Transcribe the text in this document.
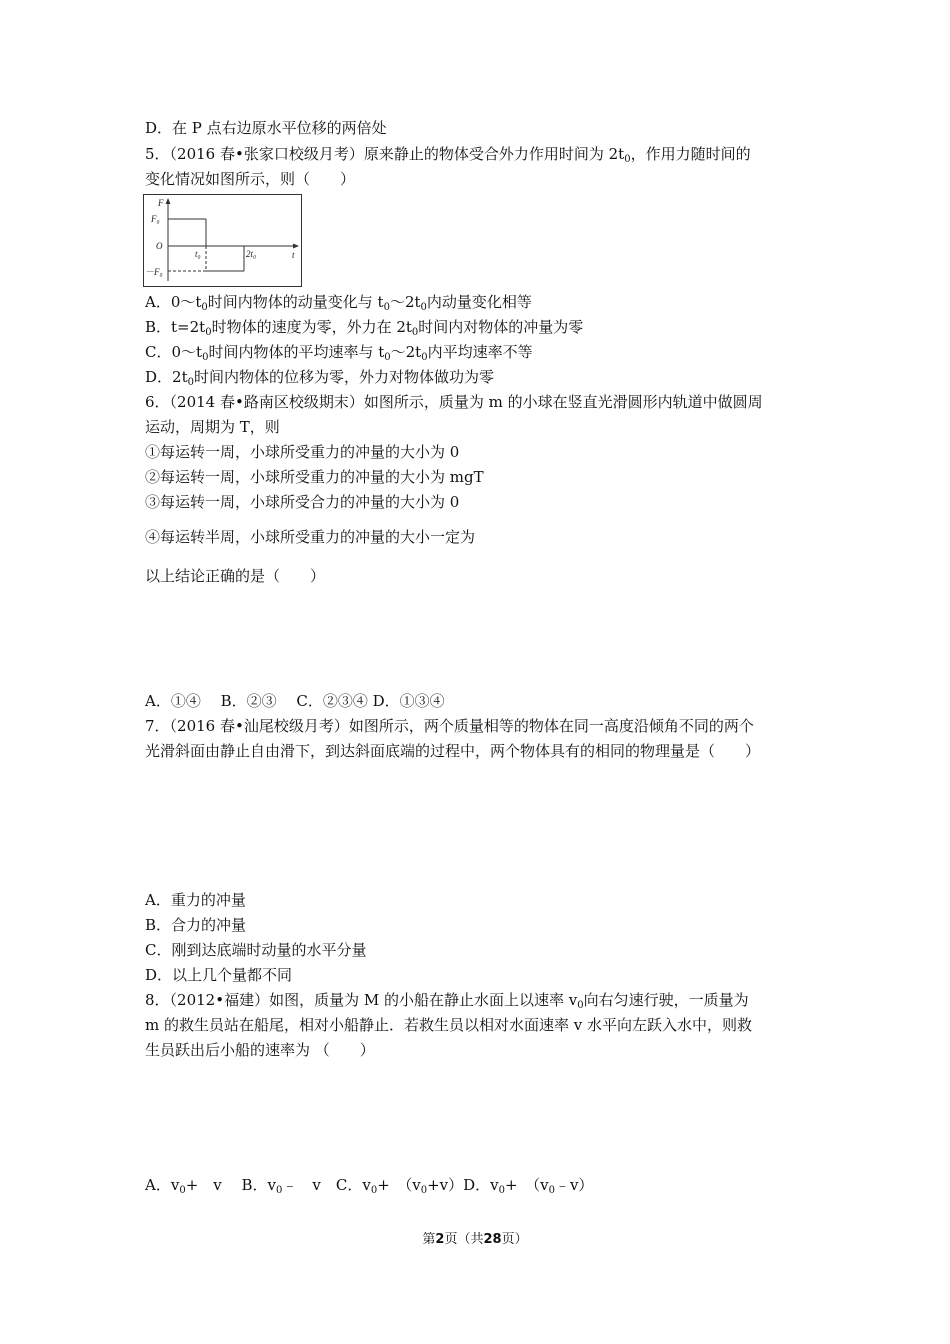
D．在 P 点右边原水平位移的两倍处
5．（2016 春•张家口校级月考）原来静止的物体受合外力作用时间为 $2t_0$，作用力随时间的
变化情况如图所示，则（　　）
F
F₀
O
－F₀
t₀	2t₀	t
A．$0\sim t_0$时间内物体的动量变化与 $t_0\sim 2t_0$内动量变化相等
B．$t=2t_0$时物体的速度为零，外力在 $2t_0$时间内对物体的冲量为零
C．$0\sim t_0$时间内物体的平均速率与 $t_0\sim 2t_0$内平均速率不等
D．$2t_0$时间内物体的位移为零，外力对物体做功为零
6．（2014 春•路南区校级期末）如图所示，质量为 m 的小球在竖直光滑圆形内轨道中做圆周
运动，周期为 T，则
①每运转一周，小球所受重力的冲量的大小为 0
②每运转一周，小球所受重力的冲量的大小为 mgT
③每运转一周，小球所受合力的冲量的大小为 0
④每运转半周，小球所受重力的冲量的大小一定为
以上结论正确的是（　　）
A．①④　 B．②③　 C．②③④ D．①③④
7．（2016 春•汕尾校级月考）如图所示，两个质量相等的物体在同一高度沿倾角不同的两个
光滑斜面由静止自由滑下，到达斜面底端的过程中，两个物体具有的相同的物理量是（　　）
A．重力的冲量
B．合力的冲量
C．刚到达底端时动量的水平分量
D．以上几个量都不同
8．（2012•福建）如图，质量为 M 的小船在静止水面上以速率 $v_0$向右匀速行驶，一质量为
m 的救生员站在船尾，相对小船静止．若救生员以相对水面速率 v 水平向左跃入水中，则救
生员跃出后小船的速率为 （　　）
A．$v_0+$　v　 B．$v_0﹣$　v　C．$v_0+$　$(v_0+v)D$．$v_0+$　$(v_0﹣v)$
第2页（共28页）
